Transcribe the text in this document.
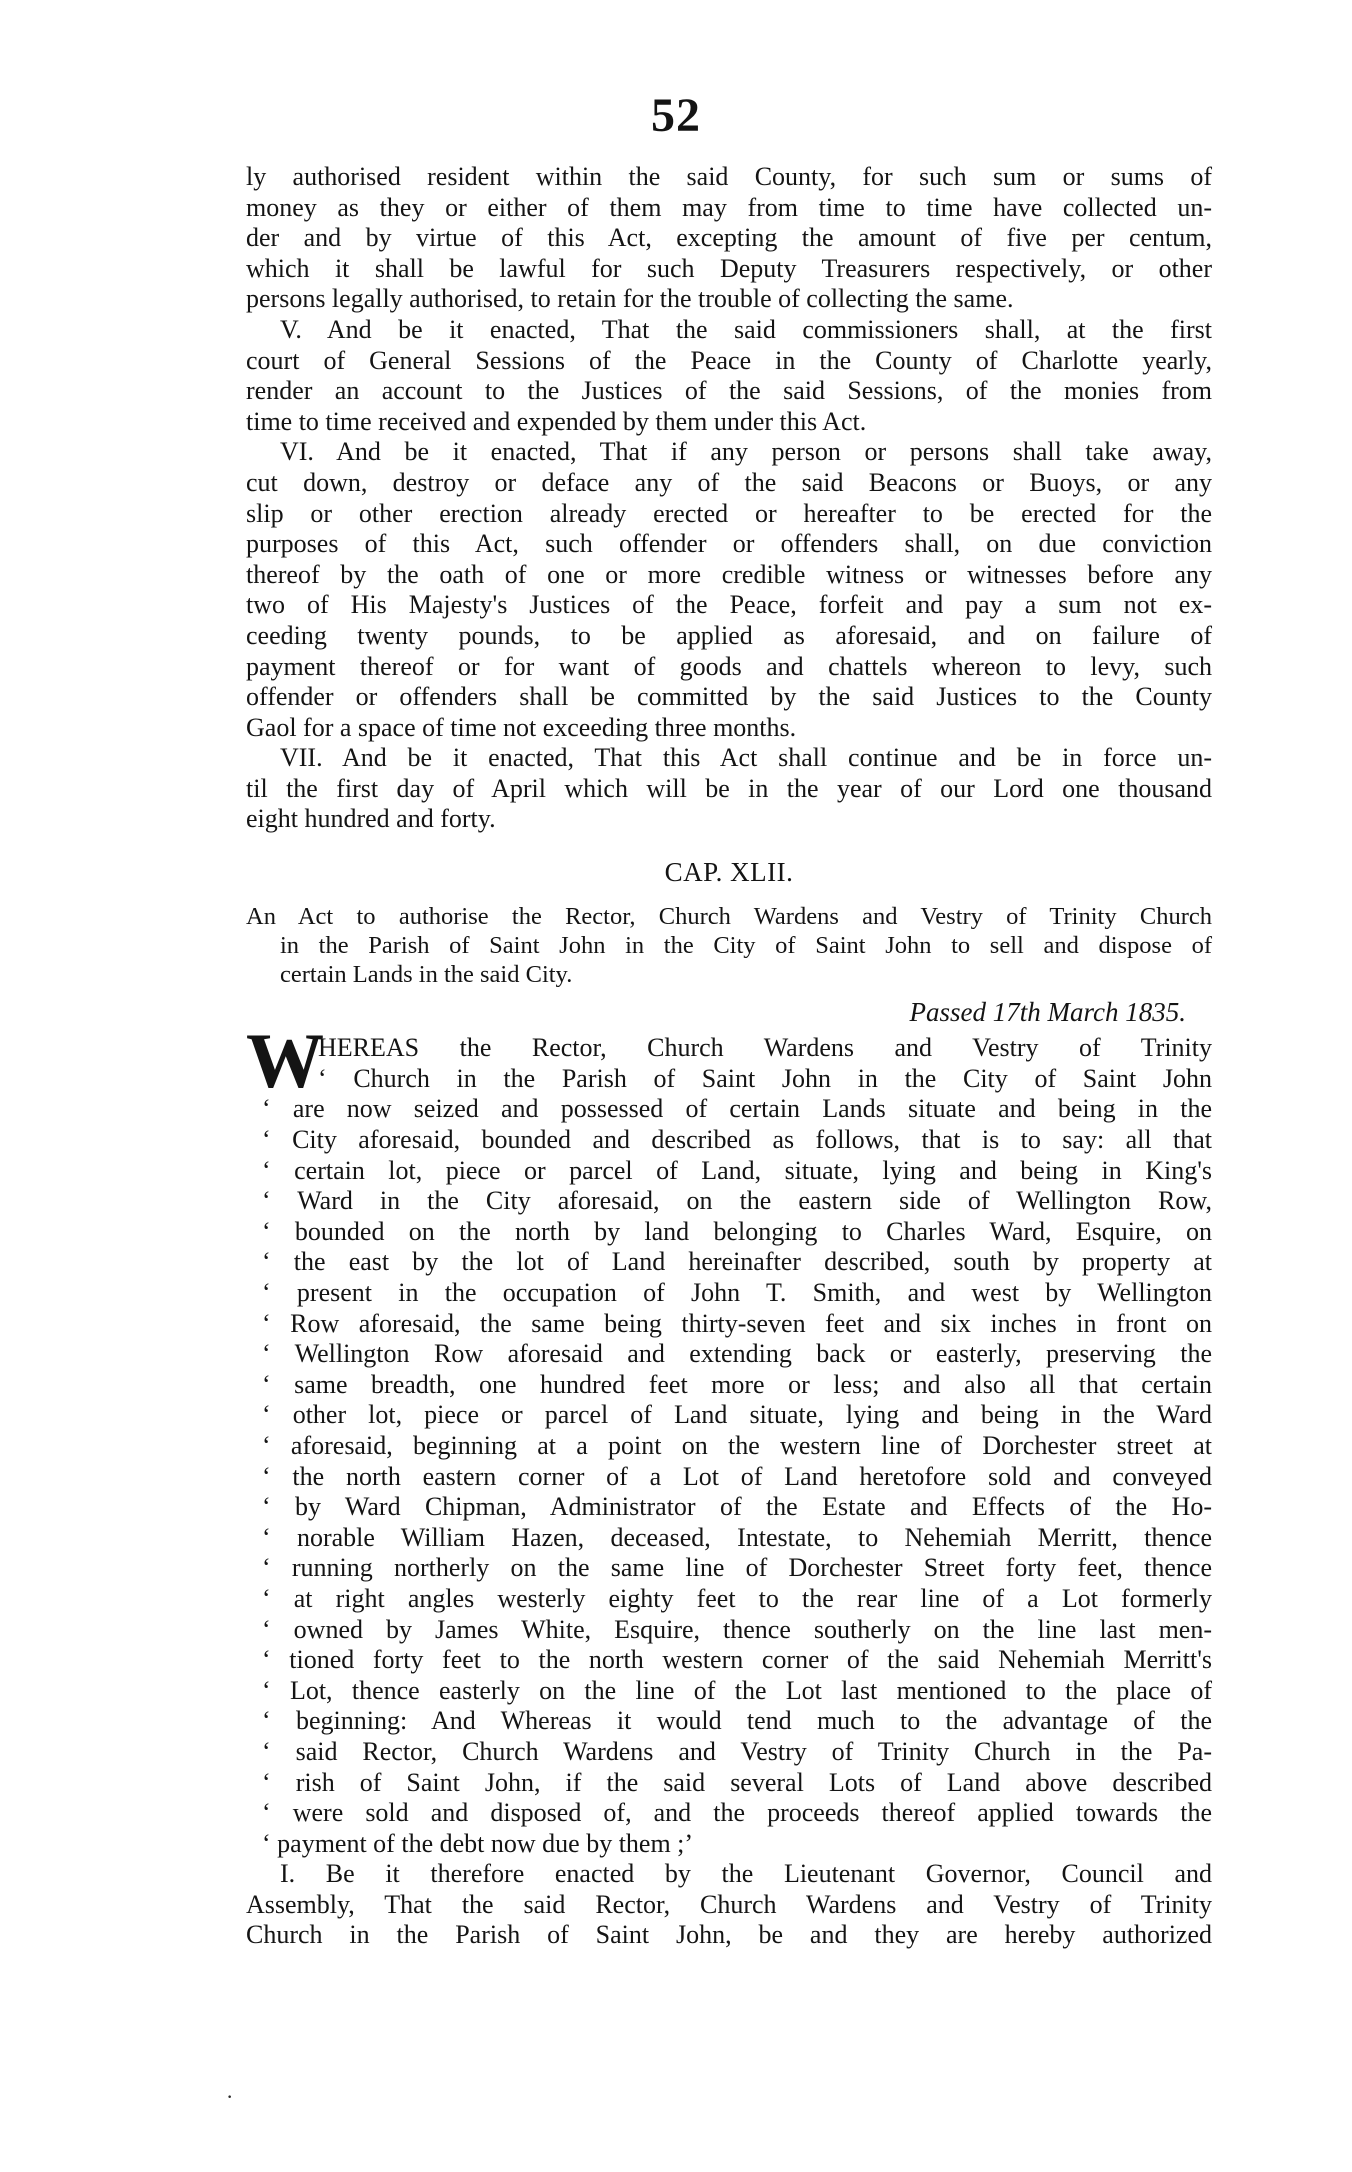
52
ly authorised resident within the said County, for such sum or sums of
money as they or either of them may from time to time have collected un-
der and by virtue of this Act, excepting the amount of five per centum,
which it shall be lawful for such Deputy Treasurers respectively, or other
persons legally authorised, to retain for the trouble of collecting the same.
V. And be it enacted, That the said commissioners shall, at the first
court of General Sessions of the Peace in the County of Charlotte yearly,
render an account to the Justices of the said Sessions, of the monies from
time to time received and expended by them under this Act.
VI. And be it enacted, That if any person or persons shall take away,
cut down, destroy or deface any of the said Beacons or Buoys, or any
slip or other erection already erected or hereafter to be erected for the
purposes of this Act, such offender or offenders shall, on due conviction
thereof by the oath of one or more credible witness or witnesses before any
two of His Majesty's Justices of the Peace, forfeit and pay a sum not ex-
ceeding twenty pounds, to be applied as aforesaid, and on failure of
payment thereof or for want of goods and chattels whereon to levy, such
offender or offenders shall be committed by the said Justices to the County
Gaol for a space of time not exceeding three months.
VII. And be it enacted, That this Act shall continue and be in force un-
til the first day of April which will be in the year of our Lord one thousand
eight hundred and forty.
CAP. XLII.
An Act to authorise the Rector, Church Wardens and Vestry of Trinity Church
in the Parish of Saint John in the City of Saint John to sell and dispose of
certain Lands in the said City.
Passed 17th March 1835.
W
HEREAS the Rector, Church Wardens and Vestry of Trinity
‘ Church in the Parish of Saint John in the City of Saint John
‘ are now seized and possessed of certain Lands situate and being in the
‘ City aforesaid, bounded and described as follows, that is to say: all that
‘ certain lot, piece or parcel of Land, situate, lying and being in King's
‘ Ward in the City aforesaid, on the eastern side of Wellington Row,
‘ bounded on the north by land belonging to Charles Ward, Esquire, on
‘ the east by the lot of Land hereinafter described, south by property at
‘ present in the occupation of John T. Smith, and west by Wellington
‘ Row aforesaid, the same being thirty-seven feet and six inches in front on
‘ Wellington Row aforesaid and extending back or easterly, preserving the
‘ same breadth, one hundred feet more or less; and also all that certain
‘ other lot, piece or parcel of Land situate, lying and being in the Ward
‘ aforesaid, beginning at a point on the western line of Dorchester street at
‘ the north eastern corner of a Lot of Land heretofore sold and conveyed
‘ by Ward Chipman, Administrator of the Estate and Effects of the Ho-
‘ norable William Hazen, deceased, Intestate, to Nehemiah Merritt, thence
‘ running northerly on the same line of Dorchester Street forty feet, thence
‘ at right angles westerly eighty feet to the rear line of a Lot formerly
‘ owned by James White, Esquire, thence southerly on the line last men-
‘ tioned forty feet to the north western corner of the said Nehemiah Merritt's
‘ Lot, thence easterly on the line of the Lot last mentioned to the place of
‘ beginning: And Whereas it would tend much to the advantage of the
‘ said Rector, Church Wardens and Vestry of Trinity Church in the Pa-
‘ rish of Saint John, if the said several Lots of Land above described
‘ were sold and disposed of, and the proceeds thereof applied towards the
‘ payment of the debt now due by them ;’
I. Be it therefore enacted by the Lieutenant Governor, Council and
Assembly, That the said Rector, Church Wardens and Vestry of Trinity
Church in the Parish of Saint John, be and they are hereby authorized
·
